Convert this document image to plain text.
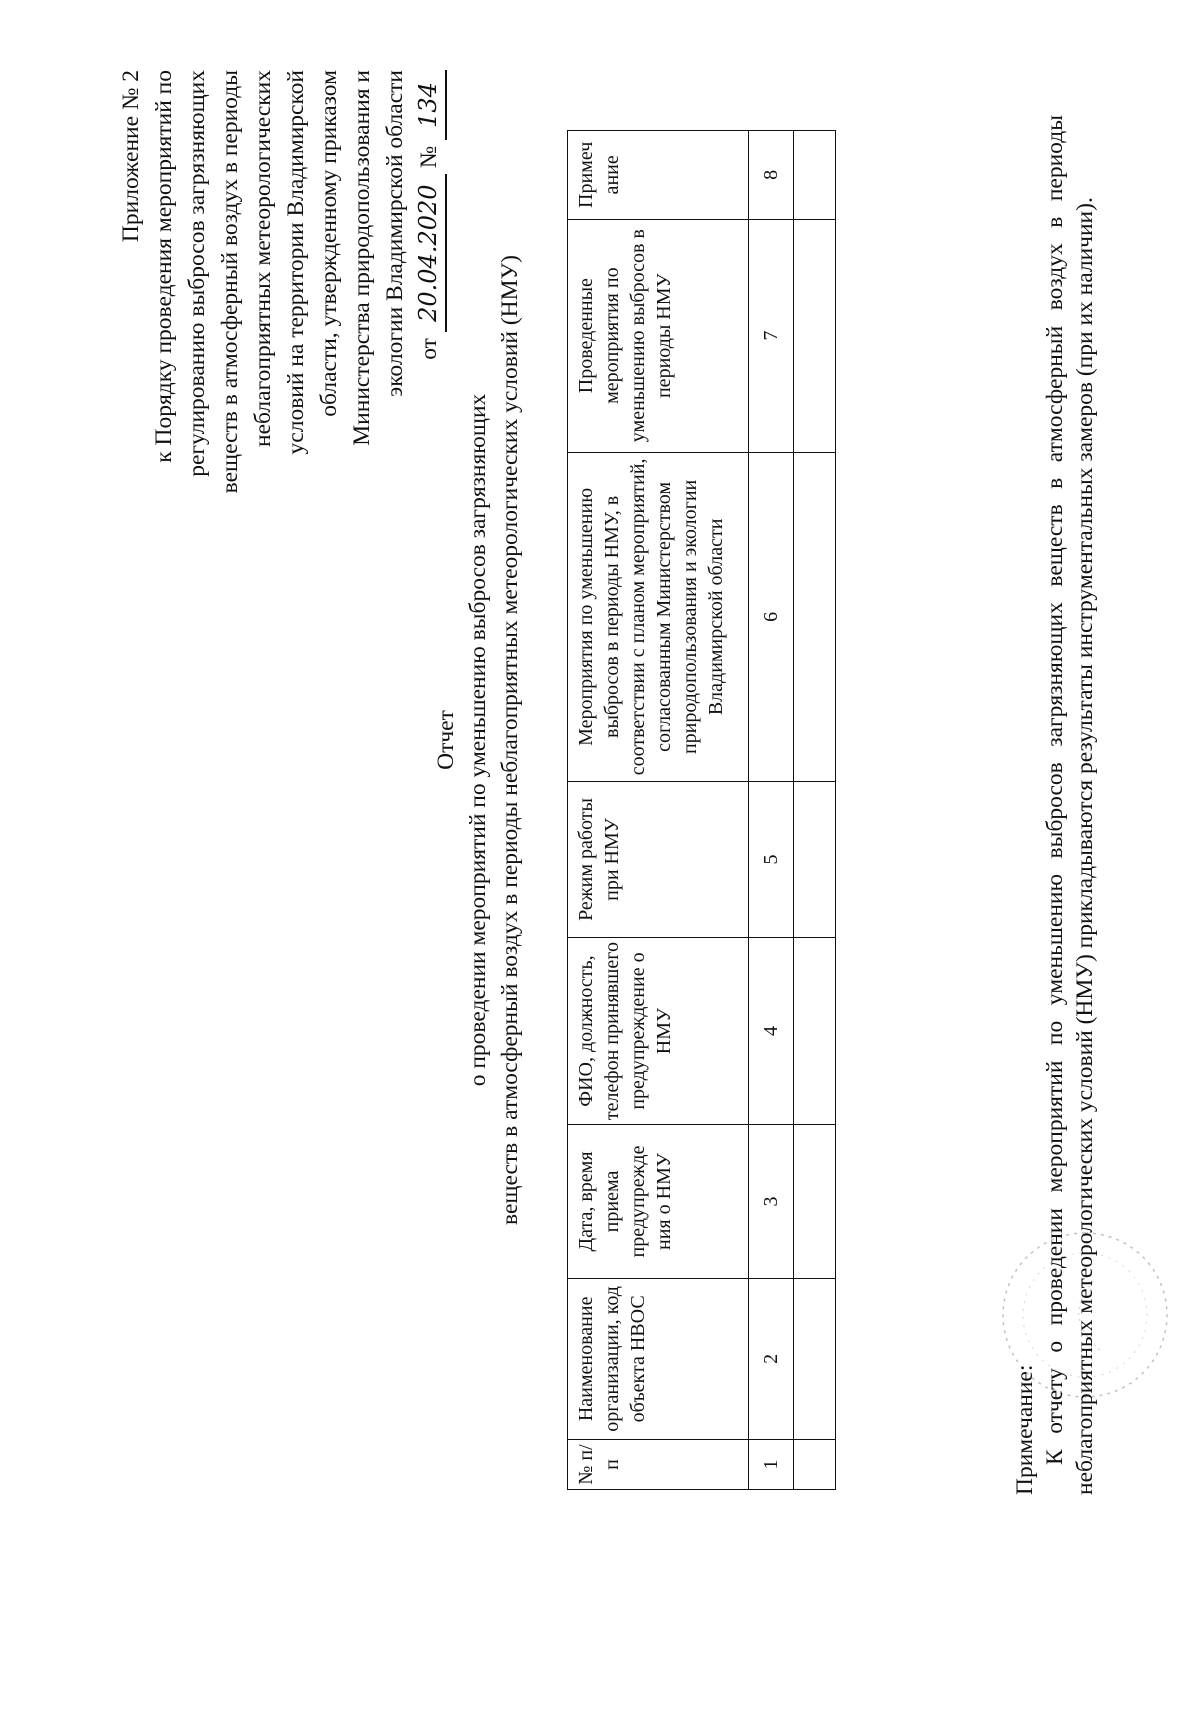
Приложение № 2 к Порядку проведения мероприятий по регулированию выбросов загрязняющих веществ в атмосферный воздух в периоды неблагоприятных метеорологических условий на территории Владимирской области, утвержденному приказом Министерства природопользования и экологии Владимирской области от 20.04.2020 № 134
Отчет о проведении мероприятий по уменьшению выбросов загрязняющих веществ в атмосферный воздух в периоды неблагоприятных метеорологических условий (НМУ)
№ п/п	Наименование организации, код объекта НВОС	Дата, время приема предупрежде ния о НМУ	ФИО, должность, телефон принявшего предупреждение о НМУ	Режим работы при НМУ	Мероприятия по уменьшению выбросов в периоды НМУ, в соответствии с планом мероприятий, согласованным Министерством природопользования и экологии Владимирской области	Проведенные мероприятия по уменьшению выбросов в периоды НМУ	Примеч ание
1	2	3	4	5	6	7	8

Примечание: К отчету о проведении мероприятий по уменьшению выбросов загрязняющих веществ в атмосферный воздух в периоды неблагоприятных метеорологических условий (НМУ) прикладываются результаты инструментальных замеров (при их наличии).
